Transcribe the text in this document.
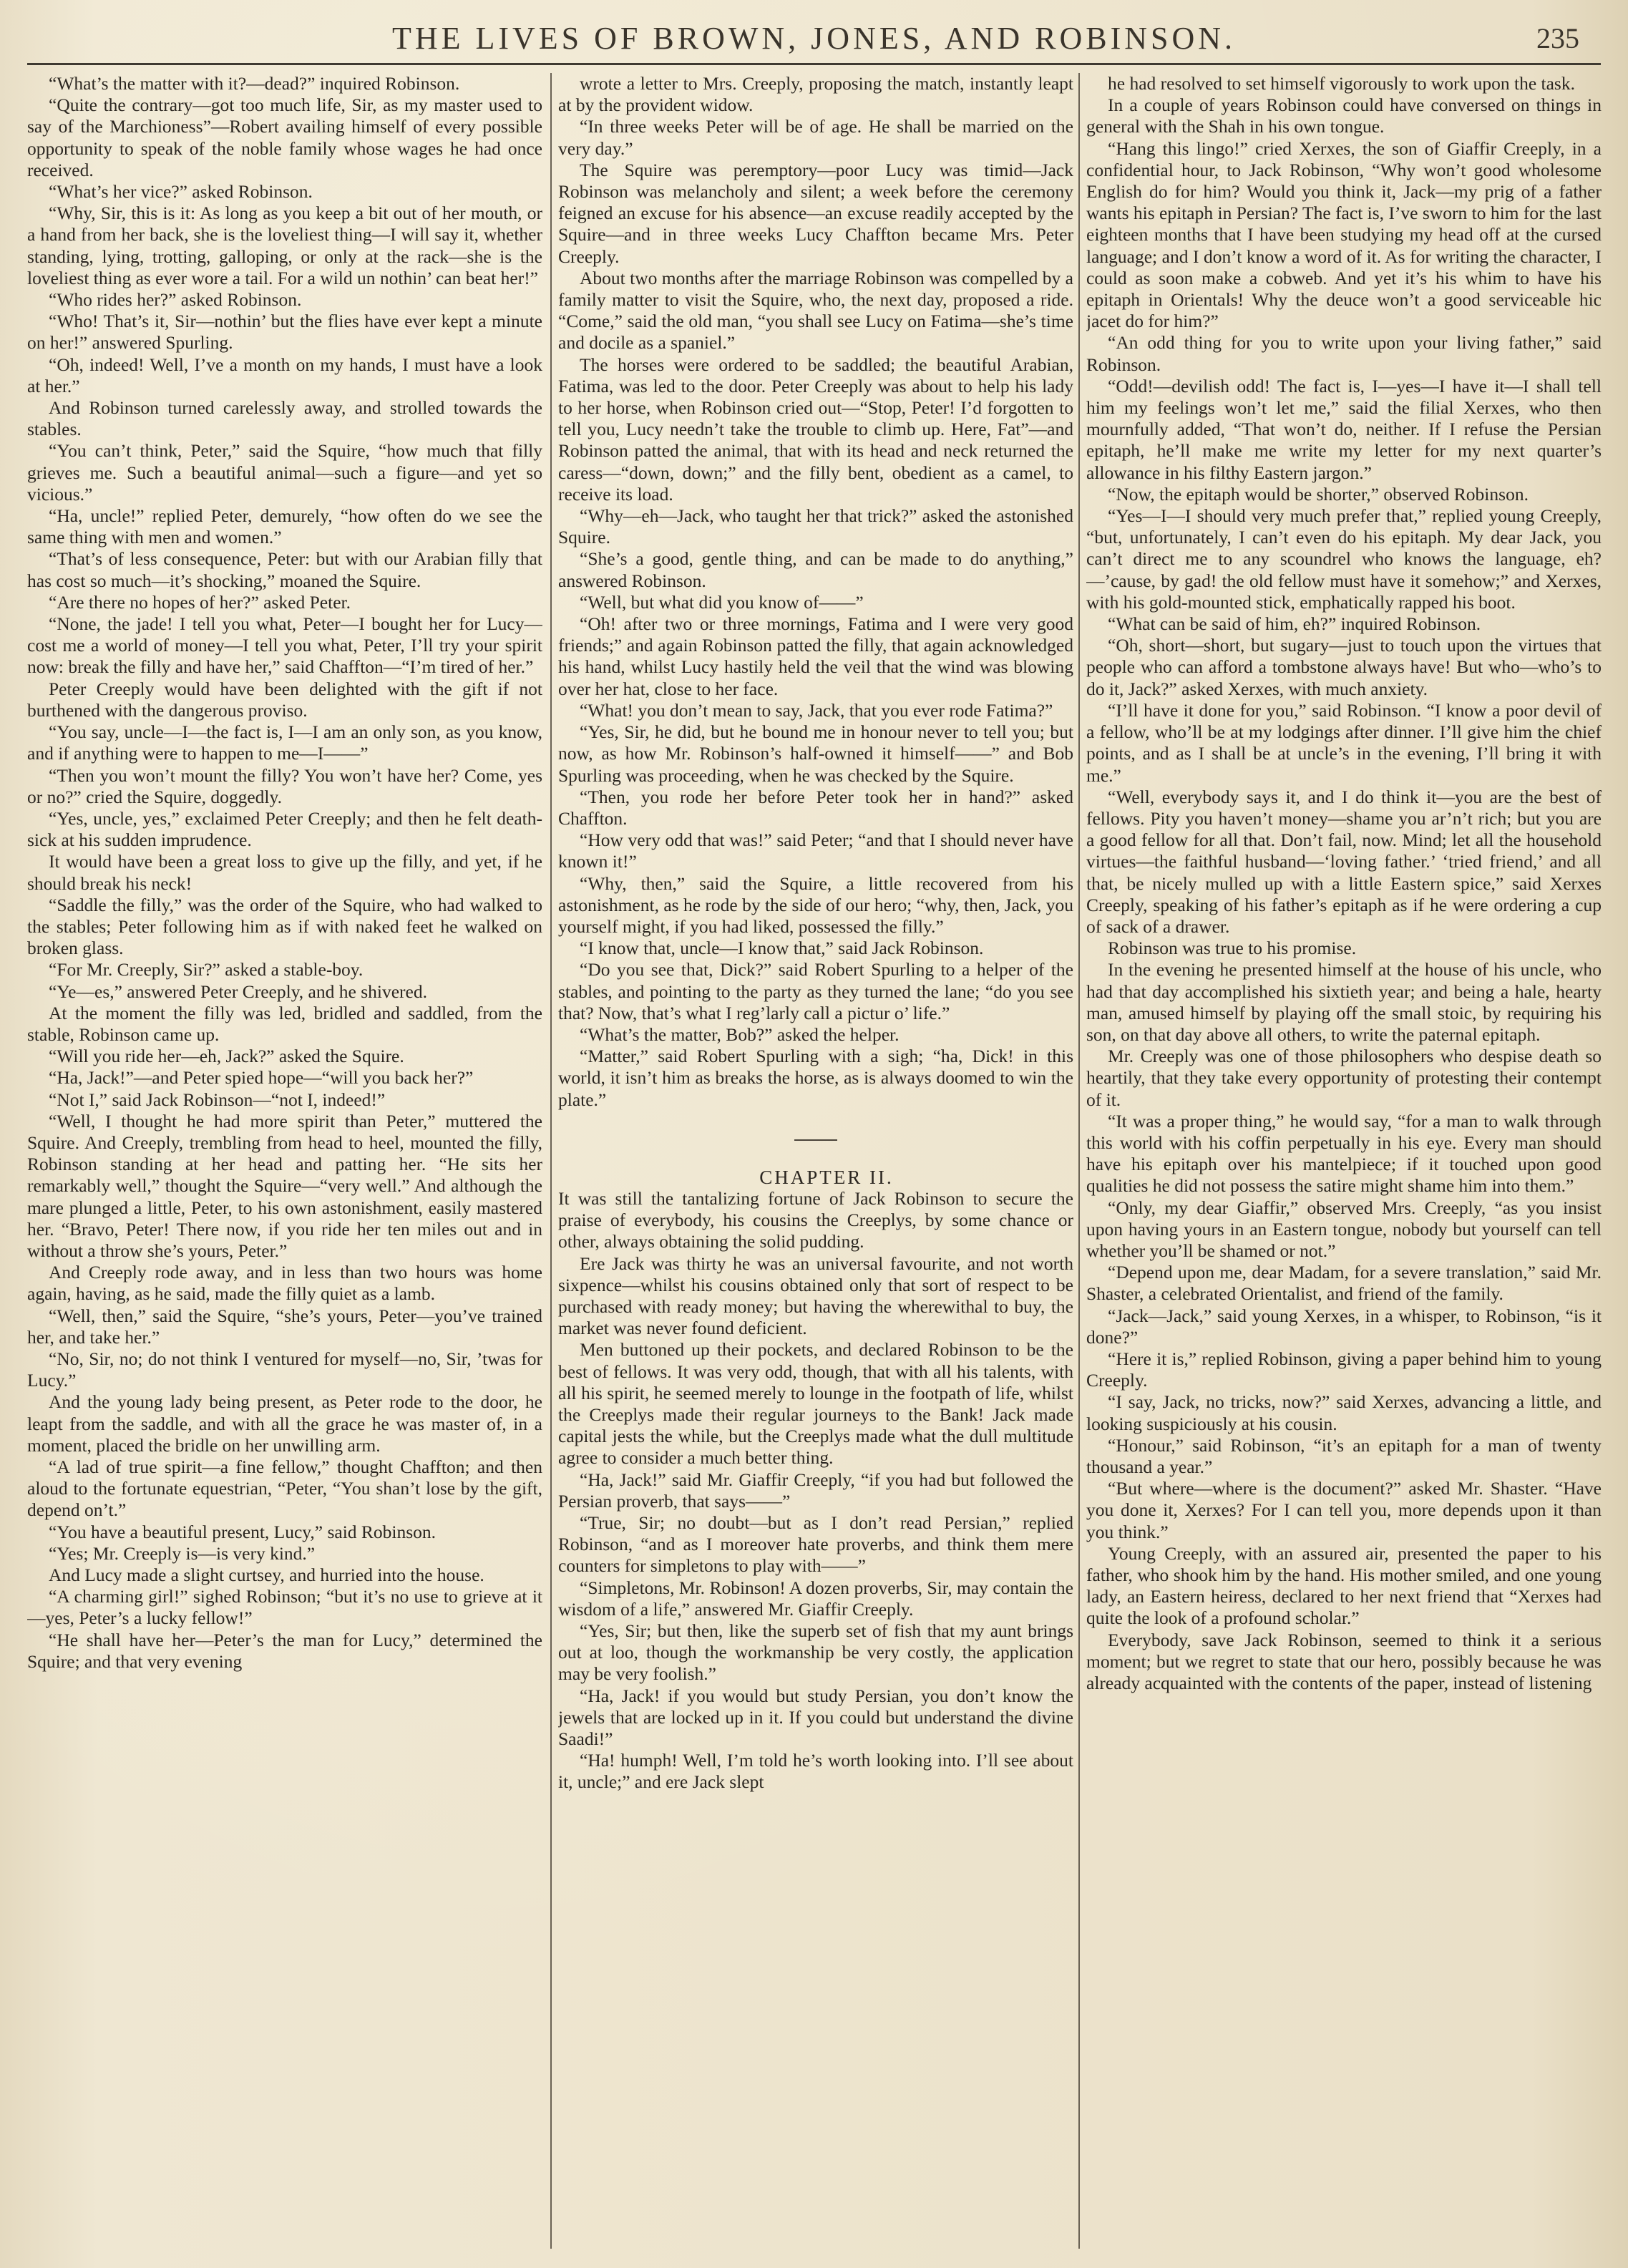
THE LIVES OF BROWN, JONES, AND ROBINSON.	235

“What’s the matter with it?—dead?” inquired Robinson.

“Quite the contrary—got too much life, Sir, as my master used to say of the Marchioness”—Robert availing himself of every possible opportunity to speak of the noble family whose wages he had once received.

“What’s her vice?” asked Robinson.

“Why, Sir, this is it: As long as you keep a bit out of her mouth, or a hand from her back, she is the loveliest thing—I will say it, whether standing, lying, trotting, galloping, or only at the rack—she is the loveliest thing as ever wore a tail. For a wild un nothin’ can beat her!”

“Who rides her?” asked Robinson.

“Who! That’s it, Sir—nothin’ but the flies have ever kept a minute on her!” answered Spurling.

“Oh, indeed! Well, I’ve a month on my hands, I must have a look at her.”

And Robinson turned carelessly away, and strolled towards the stables.

“You can’t think, Peter,” said the Squire, “how much that filly grieves me. Such a beautiful animal—such a figure—and yet so vicious.”

“Ha, uncle!” replied Peter, demurely, “how often do we see the same thing with men and women.”

“That’s of less consequence, Peter: but with our Arabian filly that has cost so much—it’s shocking,” moaned the Squire.

“Are there no hopes of her?” asked Peter.

“None, the jade! I tell you what, Peter—I bought her for Lucy—cost me a world of money—I tell you what, Peter, I’ll try your spirit now: break the filly and have her,” said Chaffton—“I’m tired of her.”

Peter Creeply would have been delighted with the gift if not burthened with the dangerous proviso.

“You say, uncle—I—the fact is, I—I am an only son, as you know, and if anything were to happen to me—I——”

“Then you won’t mount the filly? You won’t have her? Come, yes or no?” cried the Squire, doggedly.

“Yes, uncle, yes,” exclaimed Peter Creeply; and then he felt death-sick at his sudden imprudence.

It would have been a great loss to give up the filly, and yet, if he should break his neck!

“Saddle the filly,” was the order of the Squire, who had walked to the stables; Peter following him as if with naked feet he walked on broken glass.

“For Mr. Creeply, Sir?” asked a stable-boy.

“Ye—es,” answered Peter Creeply, and he shivered.

At the moment the filly was led, bridled and saddled, from the stable, Robinson came up.

“Will you ride her—eh, Jack?” asked the Squire.

“Ha, Jack!”—and Peter spied hope—“will you back her?”

“Not I,” said Jack Robinson—“not I, indeed!”

“Well, I thought he had more spirit than Peter,” muttered the Squire. And Creeply, trembling from head to heel, mounted the filly, Robinson standing at her head and patting her. “He sits her remarkably well,” thought the Squire—“very well.” And although the mare plunged a little, Peter, to his own astonishment, easily mastered her. “Bravo, Peter! There now, if you ride her ten miles out and in without a throw she’s yours, Peter.”

And Creeply rode away, and in less than two hours was home again, having, as he said, made the filly quiet as a lamb.

“Well, then,” said the Squire, “she’s yours, Peter—you’ve trained her, and take her.”

“No, Sir, no; do not think I ventured for myself—no, Sir, ’twas for Lucy.”

And the young lady being present, as Peter rode to the door, he leapt from the saddle, and with all the grace he was master of, in a moment, placed the bridle on her unwilling arm.

“A lad of true spirit—a fine fellow,” thought Chaffton; and then aloud to the fortunate equestrian, “Peter, “You shan’t lose by the gift, depend on’t.”

“You have a beautiful present, Lucy,” said Robinson.

“Yes; Mr. Creeply is—is very kind.”

And Lucy made a slight curtsey, and hurried into the house.

“A charming girl!” sighed Robinson; “but it’s no use to grieve at it—yes, Peter’s a lucky fellow!”

“He shall have her—Peter’s the man for Lucy,” determined the Squire; and that very evening

wrote a letter to Mrs. Creeply, proposing the match, instantly leapt at by the provident widow.

“In three weeks Peter will be of age. He shall be married on the very day.”

The Squire was peremptory—poor Lucy was timid—Jack Robinson was melancholy and silent; a week before the ceremony feigned an excuse for his absence—an excuse readily accepted by the Squire—and in three weeks Lucy Chaffton became Mrs. Peter Creeply.

About two months after the marriage Robinson was compelled by a family matter to visit the Squire, who, the next day, proposed a ride. “Come,” said the old man, “you shall see Lucy on Fatima—she’s time and docile as a spaniel.”

The horses were ordered to be saddled; the beautiful Arabian, Fatima, was led to the door. Peter Creeply was about to help his lady to her horse, when Robinson cried out—“Stop, Peter! I’d forgotten to tell you, Lucy needn’t take the trouble to climb up. Here, Fat”—and Robinson patted the animal, that with its head and neck returned the caress—“down, down;” and the filly bent, obedient as a camel, to receive its load.

“Why—eh—Jack, who taught her that trick?” asked the astonished Squire.

“She’s a good, gentle thing, and can be made to do anything,” answered Robinson.

“Well, but what did you know of——”

“Oh! after two or three mornings, Fatima and I were very good friends;” and again Robinson patted the filly, that again acknowledged his hand, whilst Lucy hastily held the veil that the wind was blowing over her hat, close to her face.

“What! you don’t mean to say, Jack, that you ever rode Fatima?”

“Yes, Sir, he did, but he bound me in honour never to tell you; but now, as how Mr. Robinson’s half-owned it himself——” and Bob Spurling was proceeding, when he was checked by the Squire.

“Then, you rode her before Peter took her in hand?” asked Chaffton.

“How very odd that was!” said Peter; “and that I should never have known it!”

“Why, then,” said the Squire, a little recovered from his astonishment, as he rode by the side of our hero; “why, then, Jack, you yourself might, if you had liked, possessed the filly.”

“I know that, uncle—I know that,” said Jack Robinson.

“Do you see that, Dick?” said Robert Spurling to a helper of the stables, and pointing to the party as they turned the lane; “do you see that? Now, that’s what I reg’larly call a pictur o’ life.”

“What’s the matter, Bob?” asked the helper.

“Matter,” said Robert Spurling with a sigh; “ha, Dick! in this world, it isn’t him as breaks the horse, as is always doomed to win the plate.”

CHAPTER II.

It was still the tantalizing fortune of Jack Robinson to secure the praise of everybody, his cousins the Creeplys, by some chance or other, always obtaining the solid pudding.

Ere Jack was thirty he was an universal favourite, and not worth sixpence—whilst his cousins obtained only that sort of respect to be purchased with ready money; but having the wherewithal to buy, the market was never found deficient.

Men buttoned up their pockets, and declared Robinson to be the best of fellows. It was very odd, though, that with all his talents, with all his spirit, he seemed merely to lounge in the footpath of life, whilst the Creeplys made their regular journeys to the Bank! Jack made capital jests the while, but the Creeplys made what the dull multitude agree to consider a much better thing.

“Ha, Jack!” said Mr. Giaffir Creeply, “if you had but followed the Persian proverb, that says——”

“True, Sir; no doubt—but as I don’t read Persian,” replied Robinson, “and as I moreover hate proverbs, and think them mere counters for simpletons to play with——”

“Simpletons, Mr. Robinson! A dozen proverbs, Sir, may contain the wisdom of a life,” answered Mr. Giaffir Creeply.

“Yes, Sir; but then, like the superb set of fish that my aunt brings out at loo, though the workmanship be very costly, the application may be very foolish.”

“Ha, Jack! if you would but study Persian, you don’t know the jewels that are locked up in it. If you could but understand the divine Saadi!”

“Ha! humph! Well, I’m told he’s worth looking into. I’ll see about it, uncle;” and ere Jack slept

he had resolved to set himself vigorously to work upon the task.

In a couple of years Robinson could have conversed on things in general with the Shah in his own tongue.

“Hang this lingo!” cried Xerxes, the son of Giaffir Creeply, in a confidential hour, to Jack Robinson, “Why won’t good wholesome English do for him? Would you think it, Jack—my prig of a father wants his epitaph in Persian? The fact is, I’ve sworn to him for the last eighteen months that I have been studying my head off at the cursed language; and I don’t know a word of it. As for writing the character, I could as soon make a cobweb. And yet it’s his whim to have his epitaph in Orientals! Why the deuce won’t a good serviceable hic jacet do for him?”

“An odd thing for you to write upon your living father,” said Robinson.

“Odd!—devilish odd! The fact is, I—yes—I have it—I shall tell him my feelings won’t let me,” said the filial Xerxes, who then mournfully added, “That won’t do, neither. If I refuse the Persian epitaph, he’ll make me write my letter for my next quarter’s allowance in his filthy Eastern jargon.”

“Now, the epitaph would be shorter,” observed Robinson.

“Yes—I—I should very much prefer that,” replied young Creeply, “but, unfortunately, I can’t even do his epitaph. My dear Jack, you can’t direct me to any scoundrel who knows the language, eh?—’cause, by gad! the old fellow must have it somehow;” and Xerxes, with his gold-mounted stick, emphatically rapped his boot.

“What can be said of him, eh?” inquired Robinson.

“Oh, short—short, but sugary—just to touch upon the virtues that people who can afford a tombstone always have! But who—who’s to do it, Jack?” asked Xerxes, with much anxiety.

“I’ll have it done for you,” said Robinson. “I know a poor devil of a fellow, who’ll be at my lodgings after dinner. I’ll give him the chief points, and as I shall be at uncle’s in the evening, I’ll bring it with me.”

“Well, everybody says it, and I do think it—you are the best of fellows. Pity you haven’t money—shame you ar’n’t rich; but you are a good fellow for all that. Don’t fail, now. Mind; let all the household virtues—the faithful husband—‘loving father.’ ‘tried friend,’ and all that, be nicely mulled up with a little Eastern spice,” said Xerxes Creeply, speaking of his father’s epitaph as if he were ordering a cup of sack of a drawer.

Robinson was true to his promise.

In the evening he presented himself at the house of his uncle, who had that day accomplished his sixtieth year; and being a hale, hearty man, amused himself by playing off the small stoic, by requiring his son, on that day above all others, to write the paternal epitaph.

Mr. Creeply was one of those philosophers who despise death so heartily, that they take every opportunity of protesting their contempt of it.

“It was a proper thing,” he would say, “for a man to walk through this world with his coffin perpetually in his eye. Every man should have his epitaph over his mantelpiece; if it touched upon good qualities he did not possess the satire might shame him into them.”

“Only, my dear Giaffir,” observed Mrs. Creeply, “as you insist upon having yours in an Eastern tongue, nobody but yourself can tell whether you’ll be shamed or not.”

“Depend upon me, dear Madam, for a severe translation,” said Mr. Shaster, a celebrated Orientalist, and friend of the family.

“Jack—Jack,” said young Xerxes, in a whisper, to Robinson, “is it done?”

“Here it is,” replied Robinson, giving a paper behind him to young Creeply.

“I say, Jack, no tricks, now?” said Xerxes, advancing a little, and looking suspiciously at his cousin.

“Honour,” said Robinson, “it’s an epitaph for a man of twenty thousand a year.”

“But where—where is the document?” asked Mr. Shaster. “Have you done it, Xerxes? For I can tell you, more depends upon it than you think.”

Young Creeply, with an assured air, presented the paper to his father, who shook him by the hand. His mother smiled, and one young lady, an Eastern heiress, declared to her next friend that “Xerxes had quite the look of a profound scholar.”

Everybody, save Jack Robinson, seemed to think it a serious moment; but we regret to state that our hero, possibly because he was already acquainted with the contents of the paper, instead of listening
